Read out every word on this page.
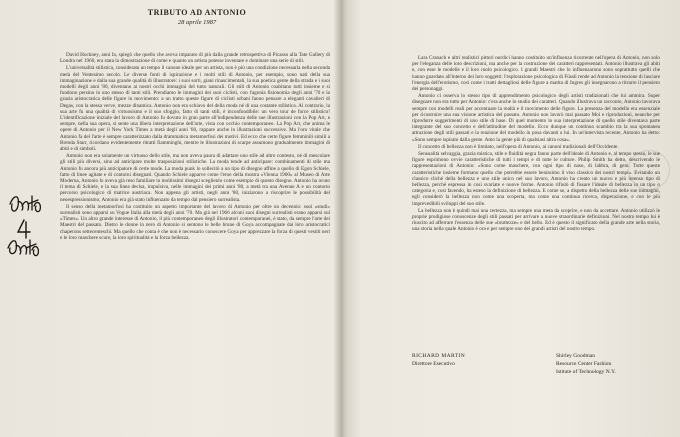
TRIBUTO AD ANTONIO
28 aprile 1987

David Hockney, anni fa, spiegò che quello che aveva imparato di più dalla grande retrospettiva di Picasso alla Tate Gallery di Londra nel 1960, era stata la dimostrazione di come e quanto un artista potesse inventare e dominare una serie di stili.

L'universalità stilistica, considerata un tempo il canone ideale per un artista, non è più una condizione necessaria nella seconda metà del Ventesimo secolo. Le diverse fonti di ispirazione e i molti stili di Antonio, per esempio, sono nati della sua immaginazione e dalla sua grande qualità di illustratore: i suoi sorti, giani rinascimentali, la sua poetica gente della strada e i suoi modelli degli anni '80, diventano ai nostri occhi immagini del tutto naturali. Gli stili di Antonio coabitano tutti insieme e si fondono persino in uno stesso di tanti stili. Prendiamo le immagini dei suoi ciclisti, con l'agonia fisionomia degli anni '70 e la grazia aristocratica delle figure in movimento: a un tratto queste figure di ciclisti urbani fanno pensare a eleganti cavalieri di Degas, con la stessa verve, mezze dinamica. Antonio non era schiavo del della moda né di una costante stilistica. Al contrario, la sua arte fu una qualità di virtuosismo e il suo sfoggio, fatto di tanti stili, è inconfondibile: un vero tour de force stilistico! L'identificazione iniziale del lavoro di Antonio fu dovuto in gran parte all'indipendenza delle sue illustrazioni con la Pop Art, e sempre, nella sua opera, si sente una libera interpretazione dell'arte, vista con occhio contemporaneo. La Pop Art, che anima le opere di Antonio per il New York Times a metà degli anni '60, rappare anche in illustrazioni successive. Ma l'oro vitale che Antonio fa del l'arte è sempre caratterizzato dalla drammatica metamorfosi dei motivi. Ed ecco che certe figure femminili simili a Brenda Starr, ricordano evidentemente ritratti fiamminghi, mentre le illustrazioni di scarpe assumono gradualmente immagini di abiti e di simboli.

Antonio non era solamente un virtuoso dello stile, ma non aveva paura di adattare uno stile ad altro contesto, né di mescolare gli stili più diversi, sino ad anticipare molte trasposizioni stilistiche. La moda tende ad anticipare: combinamenti di stile ma Antonio fu ancora più anticipatore di certe mode. La moda punk lo sollecitò a un tipo di disegno affine a quello di Egon Schiele, fatto di linee agitate e di contorni disegnati. Quando Schiele apparve come l'eroe della mostra «Vienna 1900» al Museo di Arte Moderna, Antonio lo aveva già reso familiare in moltissimi disegni sceglienlo come esempio di questo disegno. Antonio ha avuto il tema di Schiele, e la sua linea decisa, impulsiva, nelle immagini dei primi anni '80, a metà tra una Avenue A e un contorto percorso psicologico di matrice austriaca. Non appena gli artisti, negli anni '80, iniziarono a riscoprire le possibilità del neoespressionismo, Antonio era già stato influenzato da tempo dal pensiero surrealista.

Il senso della metamorfosi ha costituito un aspetto importante del lavoro di Antonio per oltre un decennio: suoi «studi» surrealisti sono apparsi su Vogue Italia alla metà degli anni '70. Ma già nel 1966 alcuni suoi disegni surrealisti erano apparsi sul «Times». Un altro grande interesse di Antonio, il più contemporaneo degli illustratori contemporanei, è stato, da sempre l'arte dei Maestri del passato. Dietro le donne in nero di Antonio si sentono le belle brune di Goya accompagnate dai loro aristocratici chaperons settecenteschi. Ma quello che conta è che non è necessario conoscere Goya per apprezzare la forza di questi vestiti neri e le loro maschere scure, la loro spiritualità e la forza bellezza.

Lara Cranach e altri realistici pittori nordici hanno costituito un'influenza ricorrente nell'opera di Antonio, non solo per l'eleganza delle loro descrizioni, ma anche per la costruzione dei caratteri rappresentati. Antonio illustrava gli abiti e, con esse le modelle e il loro ruolo psicologico. I grandi Maestri che lo influenzarono sono soprattutto quelli che hanno guardato all'interno dei loro soggetti: l'esplorazione psicologica di Füssli rende ad Antonio la tensione di lasciare l'energia dell'erotismo, così come i tratti dettagliosi delle figure a matita di Ingres gli insegnarono a ritrarre il pensiero dei personaggi.

Antonio ci osserva lo stesso tipo di apprendimento psicologico degli artisti tradizionali che lui ammira. Super disegnare non era tutto per Antonio: c'era anche lo studio dei caratteri. Quando illustrava un racconto, Antonio lavorava sempre con modelli reali per accentuare la realtà e il movimento delle figure. La presenza del modello era essenziale per ricostruire una sua visione artistica del passato. Antonio non lavorò mai passato Moi e riproduzioni, neanche per riprodurre suggerimenti di uno stile di base. Di quel momento lo sua interpretazione di quello stile diventava parte integrante del suo concetto e dell'attitudine del modello. Ecco dunque un continuo scambio tra la sua spontanea attrazione degli stili passati e la reazione del modello in posa davanti a lui. In un'intervista recente, Antonio ha detto: «Sono sempre ispirato dalla gente. Amo la gente più di qualsiasi altra cosa».

Il concetto di bellezza non è limitato, nell'opera di Antonio, ai canoni tradizionali dell'Occidente.

Sensualità selvaggia, grazia mistica, stile e fluidità negra fanno parte dell'ideale di Antonio e, al tempo stesso, le sue figure esprimono ovvie caratteristiche di tutti i tempi e di tutte le culture. Philip Smith ha detto, descrivendo le rappresentazioni di Antonio: «Sono come maschere, con ogni tipo di naso, di labbra, di geni. Tutte queste caratteristiche insieme formano quello che potrebbe essere benissimo il viso classico dei nostri tempi». Evitando un classico cliché della bellezza e uno stile unico nel suo lavoro, Antonio ha creato un nuovo e più intenso tipo di bellezza, perché espressa in così svariate e nuove forme. Antonio rifiutò di fissare l'ideale di bellezza in un tipo o categoria e, così facendo, ha esteso la definizione di bellezza. E come se, a dispetto della bellezza delle sue immagini, egli considerò la bellezza non come una scoperta, ma come una continua ricerca, disperazione, e con le più imprevedibili sviluppi del suo stile.

La bellezza non è quindi mai una certezza, ma sempre una meta da scoprire, e non da accettare. Antonio utilizzò le proprie prodigiose conoscenze degli stili passati per arrivare a nuove straordinarie definizioni. Nel nostro tempo lui è riuscito ad afferrare l'essenza delle sue «bruttezze» e del bello. Ed è questo il significato della grande arte nella storia, una storia nella quale Antonio è ora e per sempre uno dei grandi artisti del nostro tempo.

RICHARD MARTIN
Direttore Esecutivo
Shirley Goodman
Resource Center Fashion
Istitute of Technology N.Y.
